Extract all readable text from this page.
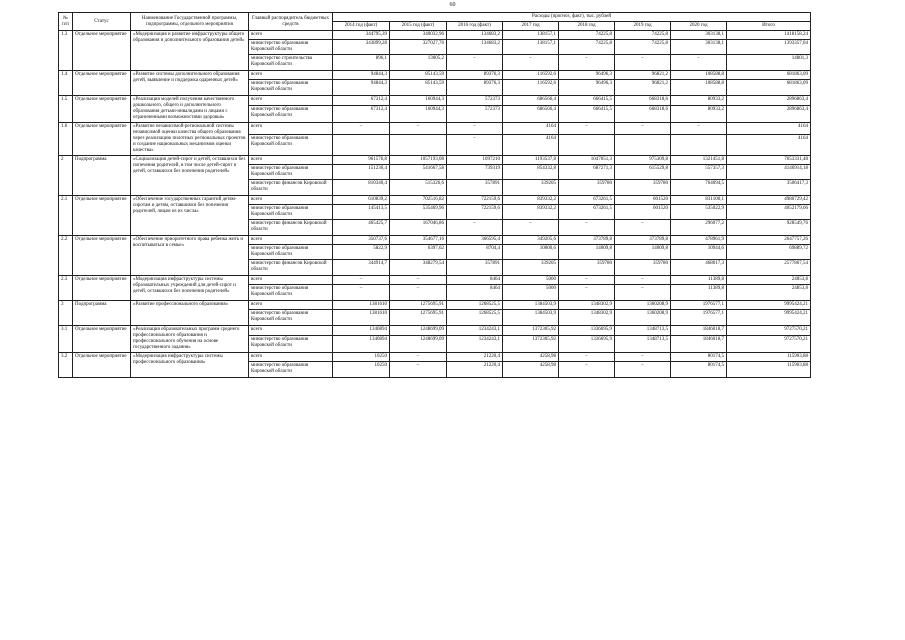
60
№ п/п	Статус	Наименование Государственной программы, подпрограммы, отдельного мероприятия	Главный распорядитель бюджетных средств	Расходы (прогноз, факт), тыс. рублей							
				2014 год (факт)	2015 год (факт)	2016 год (факт)	2017 год	2018 год	2019 год	2020 год	Итого
1.3	Отдельное мероприятие	«Модернизация и развитие инфраструктуры общего образования и дополнительного образования детей»	всего	344795,39	340032,96	134683,2	138157,1	74225,8	74225,8	303138,1	1418158,24
			министерство образования Кировской области	343899,28	327027,76	134683,2	138157,1	74225,8	74225,8	303138,1	1393357,04
			министерство строительства Кировской области	896,1	13005,2	–	–	–	–	–	14801,3
1.4	Отдельное мероприятие	«Развитие системы дополнительного образования детей, выявление и поддержка одаренных детей»	всего	94844,3	85143,59	89376,3	116592,6	96496,3	96821,2	108588,8	681863,09
			министерство образования Кировской области	94844,3	85143,59	89376,3	116592,6	96496,3	96821,2	108588,8	681863,09
1.5	Отдельное мероприятие	«Реализация моделей получения качественного дошкольного, общего и дополнительного образования детьми-инвалидами и лицами с ограниченными возможностями здоровья»	всего	67312,4	160944,3	572373	686566,4	666415,5	668318,6	80933,2	2896863,4
			министерство образования Кировской области	67312,4	160944,3	572373	686566,4	666415,5	668318,6	80933,2	2896863,4
1.6	Отдельное мероприятие	«Развитие независимой-региональной системы независимой оценки качества общего образования через реализацию пилотных региональных проектов и создание национальных механизмов оценки качества»	всего	–	–	–	4164	–	–	–	4164
			министерство образования Кировской области			–	4164				4164
2	Подпрограмма	«Социализация детей-сирот и детей, оставшихся без попечения родителей, в том числе детей-сирот и детей, оставшихся без попечения родителей»	всего	961576,8	1057193,08	1097210	1193537,8	1047051,3	975309,8	1321451,8	7653331,48
			министерство образования Кировской области	151236,4	541667,58	739319	854332,8	687271,3	615529,8	557357,3	4146914,18
			министерство финансов Кировской области	810340,4	515326,6	357891	339205	359780	359780	764094,5	3506417,3
2.1	Отдельное мероприятие	«Обеспечение государственных гарантий детям-сиротам и детям, оставшимся без попечения родителей, лицам из их числа»	всего	610839,2	702516,82	722159,6	839332,2	673261,5	601520	831100,1	4980729,42
			министерство образования Кировской области	145413,5	535469,96	722159,6	839332,2	673261,5	601520	535022,9	4052179,66
			министерство финансов Кировской области	465425,7	167046,86	–	–	–	–	296077,2	928549,76
2.2	Отдельное мероприятие	«Обеспечение приоритетного права ребенка жить и воспитываться в семье»	всего	350737,6	354677,16	366595,4	349205,6	373789,8	373789,8	478961,9	2647757,26
			министерство образования Кировской области	5822,9	6397,62	8704,4	10000,6	14009,8	14009,8	10944,6	69889,72
			министерство финансов Кировской области	344914,7	348279,54	357891	339205	359780	359780	468017,3	2577867,54
2.3	Отдельное мероприятие	«Модернизация инфраструктуры системы образовательных учреждений для детей-сирот и детей, оставшихся без попечения родителей»	всего	–	–	8464	5000	–	–	11389,8	24853,8
			министерство образования Кировской области	–	–	8464	5000	–	–	11389,8	24853,8
3	Подпрограмма	«Развитие профессионального образования»	всего	1381610	1275695,91	1268525,5	1384503,9	1348302,9	1360208,9	1976577,1	9995424,21
			министерство образования Кировской области	1381610	1275695,91	1268525,5	1384503,9	1348302,9	1360208,9	1976577,1	9995424,21
3.1	Отдельное мероприятие	«Реализация образовательных программ среднего профессионального образования и профессионального обучения на основе государственного задания»	всего	1340894	1248699,09	1234243,1	1372305,92	1336695,9	1348713,5	1846018,7	9727570,21
			министерство образования Кировской области	1340894	1248699,09	1234243,1	1372305,92	1336695,9	1348713,5	1846018,7	9727570,21
3.2	Отдельное мероприятие	«Модернизация инфраструктуры системы профессионального образования»	всего	10250	–	21220,4	4258,98	–	–	80174,5	115903,88
			министерство образования Кировской области	10250	–	21220,4	4258,98	–	–	80174,5	115903,88
